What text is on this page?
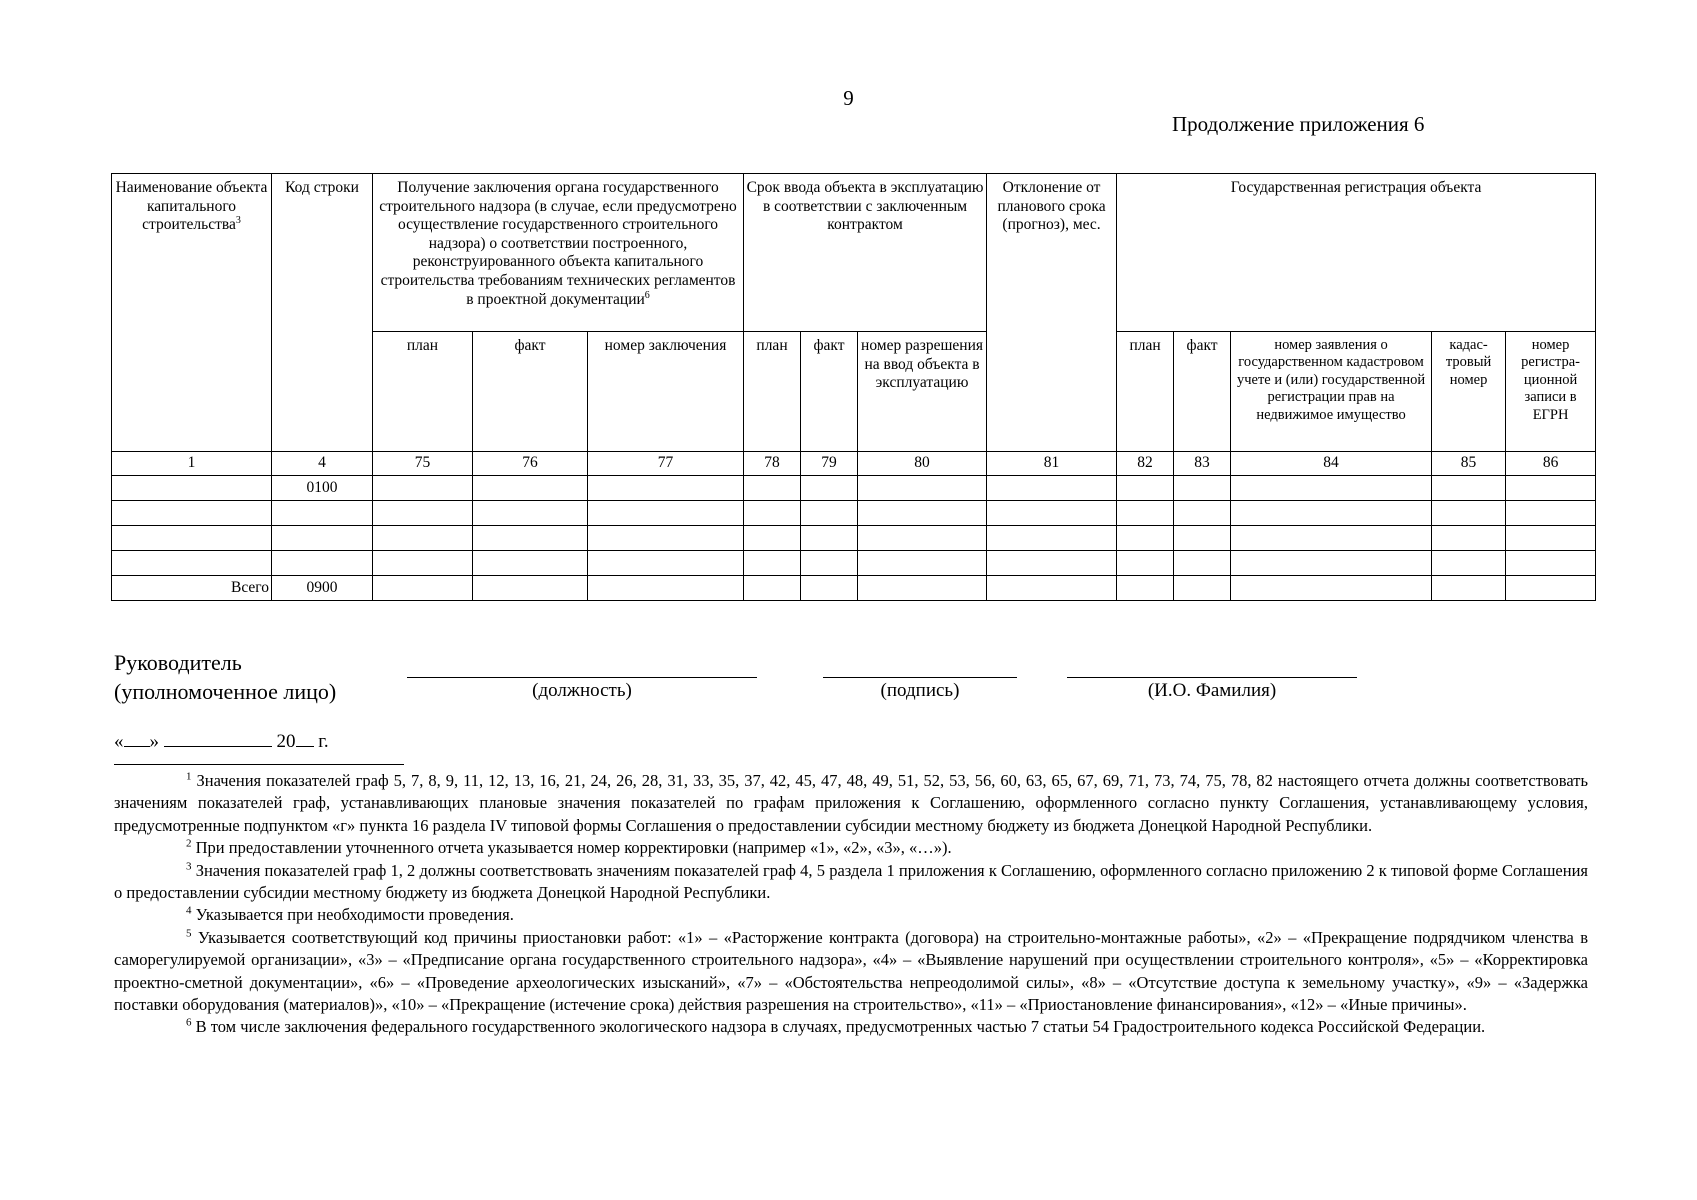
9
Продолжение приложения 6
Наименование объекта капитального строительства$^3$	Код строки	Получение заключения органа государственного строительного надзора (в случае, если предусмотрено осуществление государственного строительного надзора) о соответствии построенного, реконструированного объекта капитального строительства требованиям технических регламентов в проектной документации$^6$			Срок ввода объекта в эксплуатацию в соответствии с заключенным контрактом			Отклонение от планового срока (прогноз), мес.	Государственная регистрация объекта				
		план	факт	номер заключения	план	факт	номер разрешения на ввод объекта в эксплуатацию		план	факт	номер заявления о государственном кадастровом учете и (или) государственной регистрации прав на недвижимое имущество	кадас-тровый номер	номер регистра-ционной записи в ЕГРН
1	4	75	76	77	78	79	80	81	82	83	84	85	86
	0100												

Всего	0900												
Руководитель
(уполномоченное лицо)	(должность)	(подпись)	(И.О. Фамилия)
« »	20 г.

$^1$ Значения показателей граф 5, 7, 8, 9, 11, 12, 13, 16, 21, 24, 26, 28, 31, 33, 35, 37, 42, 45, 47, 48, 49, 51, 52, 53, 56, 60, 63, 65, 67, 69, 71, 73, 74, 75, 78, 82 настоящего отчета должны соответствовать значениям показателей граф, устанавливающих плановые значения показателей по графам приложения к Соглашению, оформленного согласно пункту Соглашения, устанавливающему условия, предусмотренные подпунктом «г» пункта 16 раздела IV типовой формы Соглашения о предоставлении субсидии местному бюджету из бюджета Донецкой Народной Республики.

$^2$ При предоставлении уточненного отчета указывается номер корректировки (например «1», «2», «3», «…»).

$^3$ Значения показателей граф 1, 2 должны соответствовать значениям показателей граф 4, 5 раздела 1 приложения к Соглашению, оформленного согласно приложению 2 к типовой форме Соглашения о предоставлении субсидии местному бюджету из бюджета Донецкой Народной Республики.

$^4$ Указывается при необходимости проведения.

$^5$ Указывается соответствующий код причины приостановки работ: «1» – «Расторжение контракта (договора) на строительно-монтажные работы», «2» – «Прекращение подрядчиком членства в саморегулируемой организации», «3» – «Предписание органа государственного строительного надзора», «4» – «Выявление нарушений при осуществлении строительного контроля», «5» – «Корректировка проектно-сметной документации», «6» – «Проведение археологических изысканий», «7» – «Обстоятельства непреодолимой силы», «8» – «Отсутствие доступа к земельному участку», «9» – «Задержка поставки оборудования (материалов)», «10» – «Прекращение (истечение срока) действия разрешения на строительство», «11» – «Приостановление финансирования», «12» – «Иные причины».

$^6$ В том числе заключения федерального государственного экологического надзора в случаях, предусмотренных частью 7 статьи 54 Градостроительного кодекса Российской Федерации.
